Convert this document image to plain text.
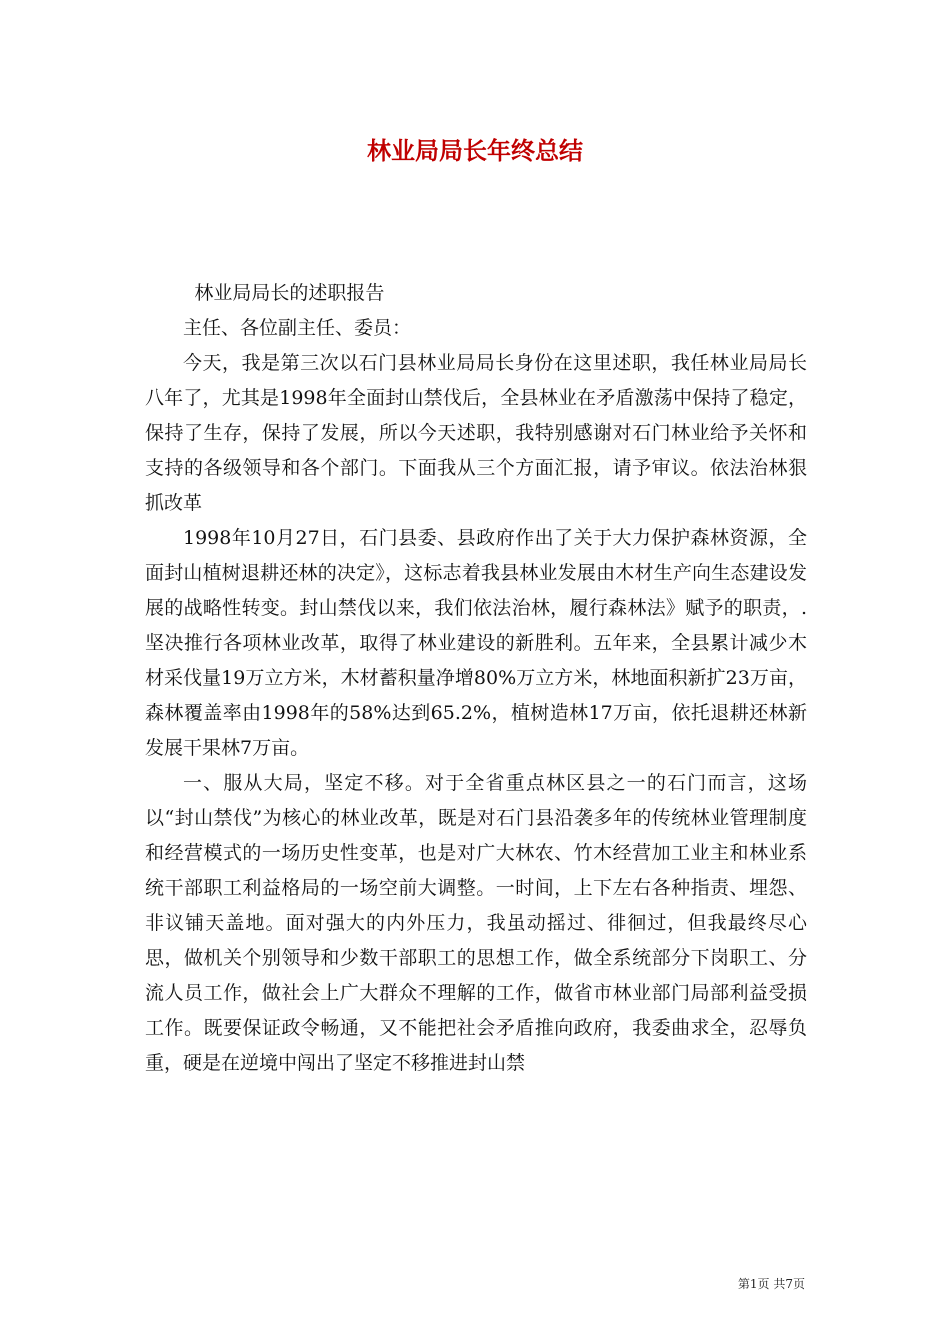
林业局局长年终总结

林业局局长的述职报告

主任、各位副主任、委员：

今天，我是第三次以石门县林业局局长身份在这里述职，我任林业局局长八年了，尤其是1998年全面封山禁伐后，全县林业在矛盾激荡中保持了稳定，保持了生存，保持了发展，所以今天述职，我特别感谢对石门林业给予关怀和支持的各级领导和各个部门。下面我从三个方面汇报，请予审议。依法治林狠抓改革

1998年10月27日，石门县委、县政府作出了关于大力保护森林资源，全面封山植树退耕还林的决定》，这标志着我县林业发展由木材生产向生态建设发展的战略性转变。封山禁伐以来，我们依法治林，履行森林法》赋予的职责，.坚决推行各项林业改革，取得了林业建设的新胜利。五年来，全县累计减少木材采伐量19万立方米，木材蓄积量净增80%万立方米，林地面积新扩23万亩，森林覆盖率由1998年的58%达到65.2%，植树造林17万亩，依托退耕还林新发展干果林7万亩。

一、服从大局，坚定不移。对于全省重点林区县之一的石门而言，这场以“封山禁伐”为核心的林业改革，既是对石门县沿袭多年的传统林业管理制度和经营模式的一场历史性变革，也是对广大林农、竹木经营加工业主和林业系统干部职工利益格局的一场空前大调整。一时间，上下左右各种指责、埋怨、非议铺天盖地。面对强大的内外压力，我虽动摇过、徘徊过，但我最终尽心思，做机关个别领导和少数干部职工的思想工作，做全系统部分下岗职工、分流人员工作，做社会上广大群众不理解的工作，做省市林业部门局部利益受损工作。既要保证政令畅通，又不能把社会矛盾推向政府，我委曲求全，忍辱负重，硬是在逆境中闯出了坚定不移推进封山禁

第1页 共7页
